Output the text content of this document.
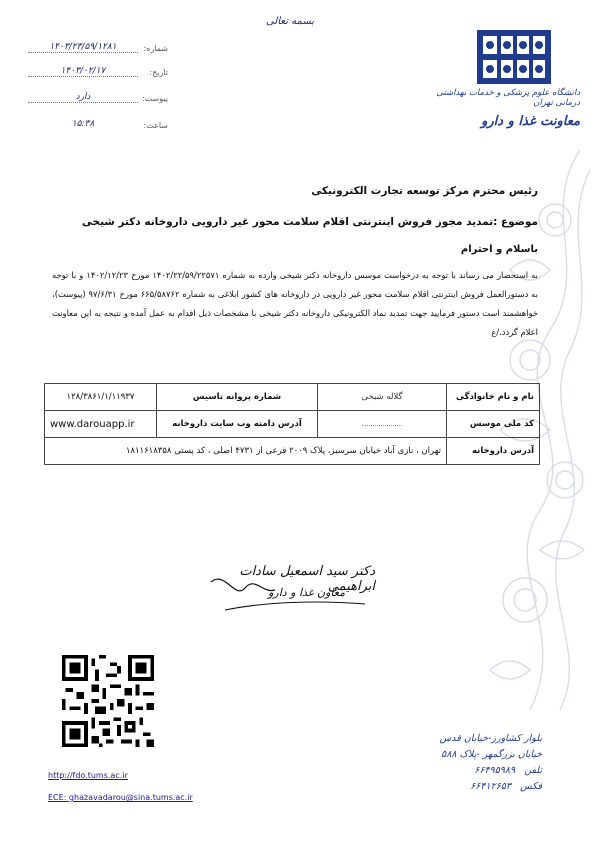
بسمه تعالی
شماره:
۱۴۰۳/۲۳/۵۹/۱۲۸۱
تاریخ:
۱۴۰۳/۰۲/۱۷
پیوست:
دارد
ساعت:
۱۵:۳۸
دانشگاه علوم پزشکی و خدمات بهداشتی درمانی تهران
معاونت غذا و دارو
رئیس محترم مرکز توسعه تجارت الکترونیکی
موضوع :تمدید مجوز فروش اینترنتی اقلام سلامت محور غیر دارویی داروخانه دکتر شیخی
باسلام و احترام
به استحضار می رساند با توجه به درخواست موسس داروخانه دکتر شیخی وارده به شماره ۱۴۰۲/۲۲/۵۹/۲۲۵۷۱ مورخ ۱۴۰۲/۱۲/۲۳ و با توجه به دستورالعمل فروش اینترنتی اقلام سلامت محور غیر دارویی در داروخانه های کشور ابلاغی به شماره ۶۶۵/۵۸۷۶۲ مورخ ۹۷/۶/۳۱ (پیوست)، خواهشمند است دستور فرمایید جهت تمدید نماد الکترونیکی داروخانه دکتر شیخی با مشخصات ذیل اقدام به عمل آمده و نتیجه به این معاونت اعلام گردد./ع
نام و نام خانوادگی	گلاله شیخی	شماره پروانه تاسیس	۱۲۸/۳۸۶۱/۱/۱۱۹۳۷
کد ملی موسس		آدرس دامنه وب سایت داروخانه	www.darouapp.ir
آدرس داروخانه	تهران ، نازی آباد خیابان سرسبز، پلاک ۲۰۰۹ فرعی از ۴۷۳۱ اصلی ، کد پستی ۱۸۱۱۶۱۸۳۵۸		
دکتر سید اسمعیل سادات ابراهیمی
معاون غذا و دارو
بلوار کشاورز-خیابان قدس
خیابان بزرگمهر -پلاک ۵۸۸
تلفن   ۶۶۴۹۵۹۸۹
فکس   ۶۶۴۱۲۶۵۳
http://fdo.tums.ac.ir
ECE: ghazavadarou@sina.tums.ac.ir
